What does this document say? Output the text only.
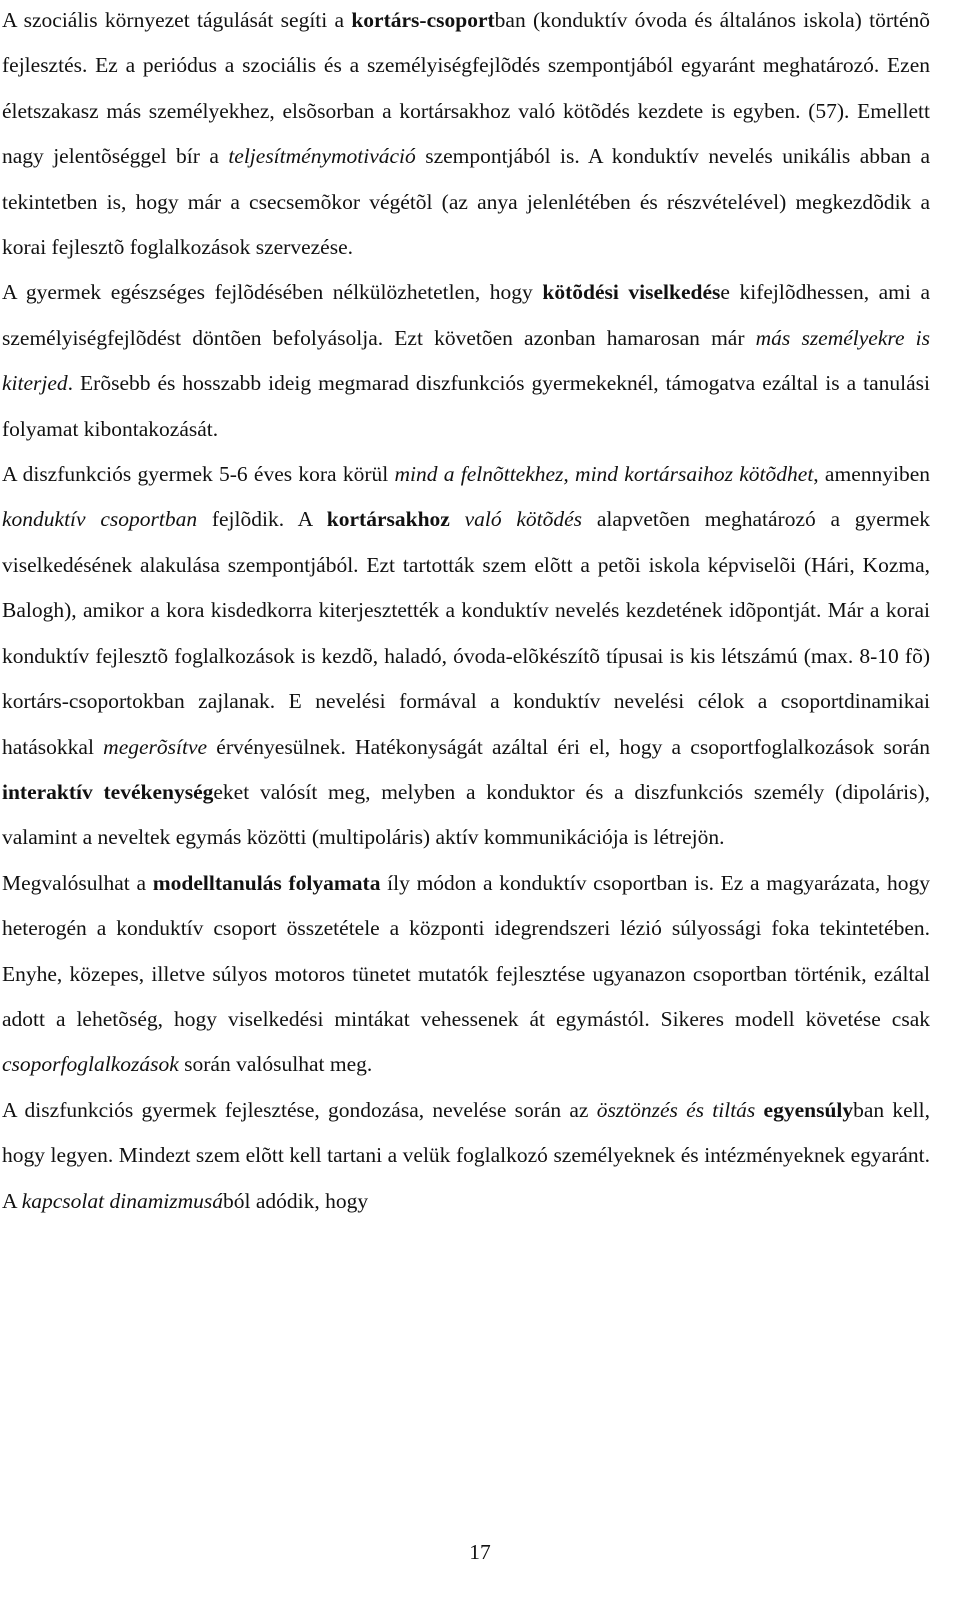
A szociális környezet tágulását segíti a kortárs-csoportban (konduktív óvoda és általános iskola) történõ fejlesztés. Ez a periódus a szociális és a személyiségfejlõdés szempontjából egyaránt meghatározó. Ezen életszakasz más személyekhez, elsõsorban a kortársakhoz való kötõdés kezdete is egyben. (57). Emellett nagy jelentõséggel bír a teljesítménymotiváció szempontjából is. A konduktív nevelés unikális abban a tekintetben is, hogy már a csecsemõkor végétõl (az anya jelenlétében és részvételével) megkezdõdik a korai fejlesztõ foglalkozások szervezése.

A gyermek egészséges fejlõdésében nélkülözhetetlen, hogy kötõdési viselkedése kifejlõdhessen, ami a személyiségfejlõdést döntõen befolyásolja. Ezt követõen azonban hamarosan már más személyekre is kiterjed. Erõsebb és hosszabb ideig megmarad diszfunkciós gyermekeknél, támogatva ezáltal is a tanulási folyamat kibontakozását.

A diszfunkciós gyermek 5-6 éves kora körül mind a felnõttekhez, mind kortársaihoz kötõdhet, amennyiben konduktív csoportban fejlõdik. A kortársakhoz való kötõdés alapvetõen meghatározó a gyermek viselkedésének alakulása szempontjából. Ezt tartották szem elõtt a petõi iskola képviselõi (Hári, Kozma, Balogh), amikor a kora kisdedkorra kiterjesztették a konduktív nevelés kezdetének idõpontját. Már a korai konduktív fejlesztõ foglalkozások is kezdõ, haladó, óvoda-elõkészítõ típusai is kis létszámú (max. 8-10 fõ) kortárs-csoportokban zajlanak. E nevelési formával a konduktív nevelési célok a csoportdinamikai hatásokkal megerõsítve érvényesülnek. Hatékonyságát azáltal éri el, hogy a csoportfoglalkozások során interaktív tevékenységeket valósít meg, melyben a konduktor és a diszfunkciós személy (dipoláris), valamint a neveltek egymás közötti (multipoláris) aktív kommunikációja is létrejön.

Megvalósulhat a modelltanulás folyamata íly módon a konduktív csoportban is. Ez a magyarázata, hogy heterogén a konduktív csoport összetétele a központi idegrendszeri lézió súlyossági foka tekintetében. Enyhe, közepes, illetve súlyos motoros tünetet mutatók fejlesztése ugyanazon csoportban történik, ezáltal adott a lehetõség, hogy viselkedési mintákat vehessenek át egymástól. Sikeres modell követése csak csoporfoglalkozások során valósulhat meg.

A diszfunkciós gyermek fejlesztése, gondozása, nevelése során az ösztönzés és tiltás egyensúlyban kell, hogy legyen. Mindezt szem elõtt kell tartani a velük foglalkozó személyeknek és intézményeknek egyaránt. A kapcsolat dinamizmusából adódik, hogy

17
